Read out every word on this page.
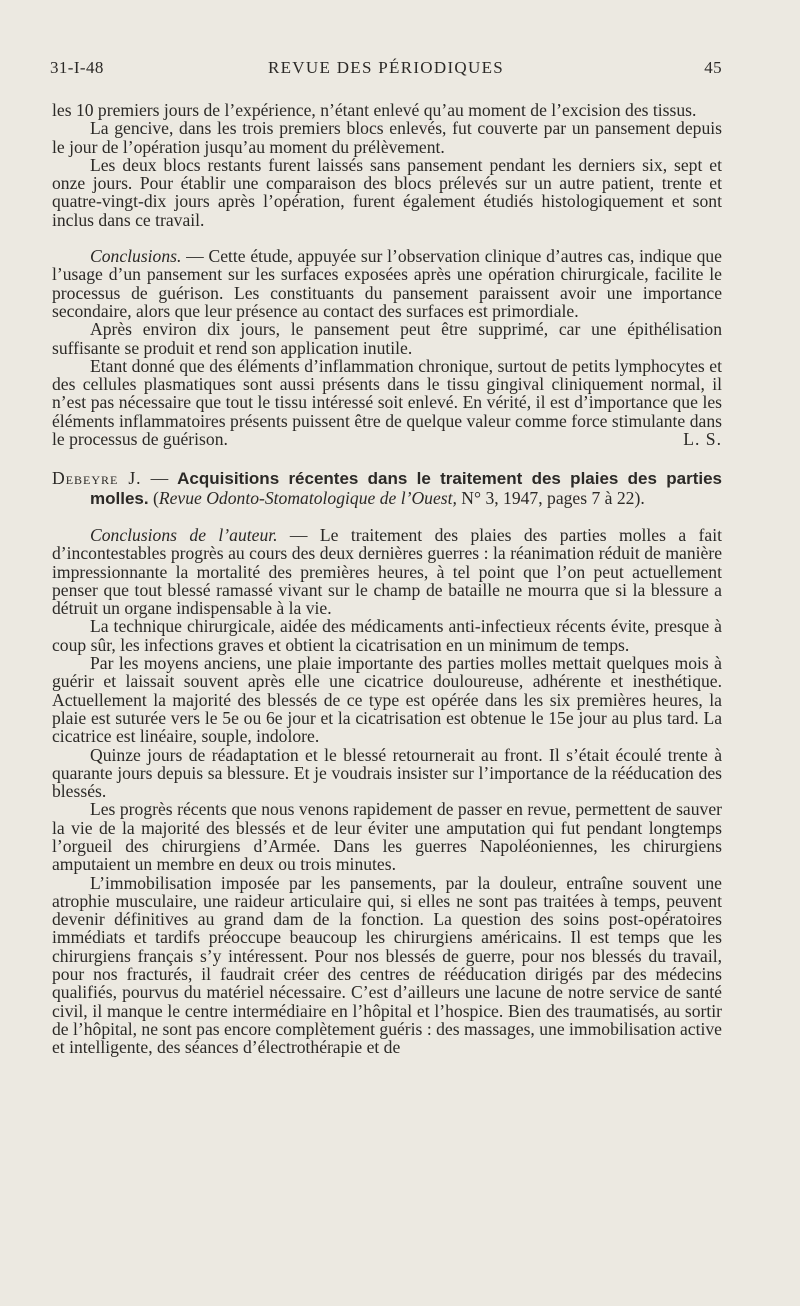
31-I-48	REVUE DES PÉRIODIQUES	45

les 10 premiers jours de l’expérience, n’étant enlevé qu’au moment de l’excision des tissus.

La gencive, dans les trois premiers blocs enlevés, fut couverte par un pansement depuis le jour de l’opération jusqu’au moment du prélèvement.

Les deux blocs restants furent laissés sans pansement pendant les derniers six, sept et onze jours. Pour établir une comparaison des blocs prélevés sur un autre patient, trente et quatre-vingt-dix jours après l’opération, furent également étudiés histologiquement et sont inclus dans ce travail.

Conclusions. — Cette étude, appuyée sur l’observation clinique d’autres cas, indique que l’usage d’un pansement sur les surfaces exposées après une opération chirurgicale, facilite le processus de guérison. Les constituants du pansement paraissent avoir une importance secondaire, alors que leur présence au contact des surfaces est primordiale.

Après environ dix jours, le pansement peut être supprimé, car une épithélisation suffisante se produit et rend son application inutile.

Etant donné que des éléments d’inflammation chronique, surtout de petits lymphocytes et des cellules plasmatiques sont aussi présents dans le tissu gingival cliniquement normal, il n’est pas nécessaire que tout le tissu intéressé soit enlevé. En vérité, il est d’importance que les éléments inflammatoires présents puissent être de quelque valeur comme force stimulante dans le processus de guérison.	L. S.

Debeyre J. — Acquisitions récentes dans le traitement des plaies des parties molles. (Revue Odonto-Stomatologique de l’Ouest, N° 3, 1947, pages 7 à 22).

Conclusions de l’auteur. — Le traitement des plaies des parties molles a fait d’incontestables progrès au cours des deux dernières guerres : la réanimation réduit de manière impressionnante la mortalité des premières heures, à tel point que l’on peut actuellement penser que tout blessé ramassé vivant sur le champ de bataille ne mourra que si la blessure a détruit un organe indispensable à la vie.

La technique chirurgicale, aidée des médicaments anti-infectieux récents évite, presque à coup sûr, les infections graves et obtient la cicatrisation en un minimum de temps.

Par les moyens anciens, une plaie importante des parties molles mettait quelques mois à guérir et laissait souvent après elle une cicatrice douloureuse, adhérente et inesthétique. Actuellement la majorité des blessés de ce type est opérée dans les six premières heures, la plaie est suturée vers le 5e ou 6e jour et la cicatrisation est obtenue le 15e jour au plus tard. La cicatrice est linéaire, souple, indolore.

Quinze jours de réadaptation et le blessé retournerait au front. Il s’était écoulé trente à quarante jours depuis sa blessure. Et je voudrais insister sur l’importance de la rééducation des blessés.

Les progrès récents que nous venons rapidement de passer en revue, permettent de sauver la vie de la majorité des blessés et de leur éviter une amputation qui fut pendant longtemps l’orgueil des chirurgiens d’Armée. Dans les guerres Napoléoniennes, les chirurgiens amputaient un membre en deux ou trois minutes.

L’immobilisation imposée par les pansements, par la douleur, entraîne souvent une atrophie musculaire, une raideur articulaire qui, si elles ne sont pas traitées à temps, peuvent devenir définitives au grand dam de la fonction. La question des soins post-opératoires immédiats et tardifs préoccupe beaucoup les chirurgiens américains. Il est temps que les chirurgiens français s’y intéressent. Pour nos blessés de guerre, pour nos blessés du travail, pour nos fracturés, il faudrait créer des centres de rééducation dirigés par des médecins qualifiés, pourvus du matériel nécessaire. C’est d’ailleurs une lacune de notre service de santé civil, il manque le centre intermédiaire en l’hôpital et l’hospice. Bien des traumatisés, au sortir de l’hôpital, ne sont pas encore complètement guéris : des massages, une immobilisation active et intelligente, des séances d’électrothérapie et de
